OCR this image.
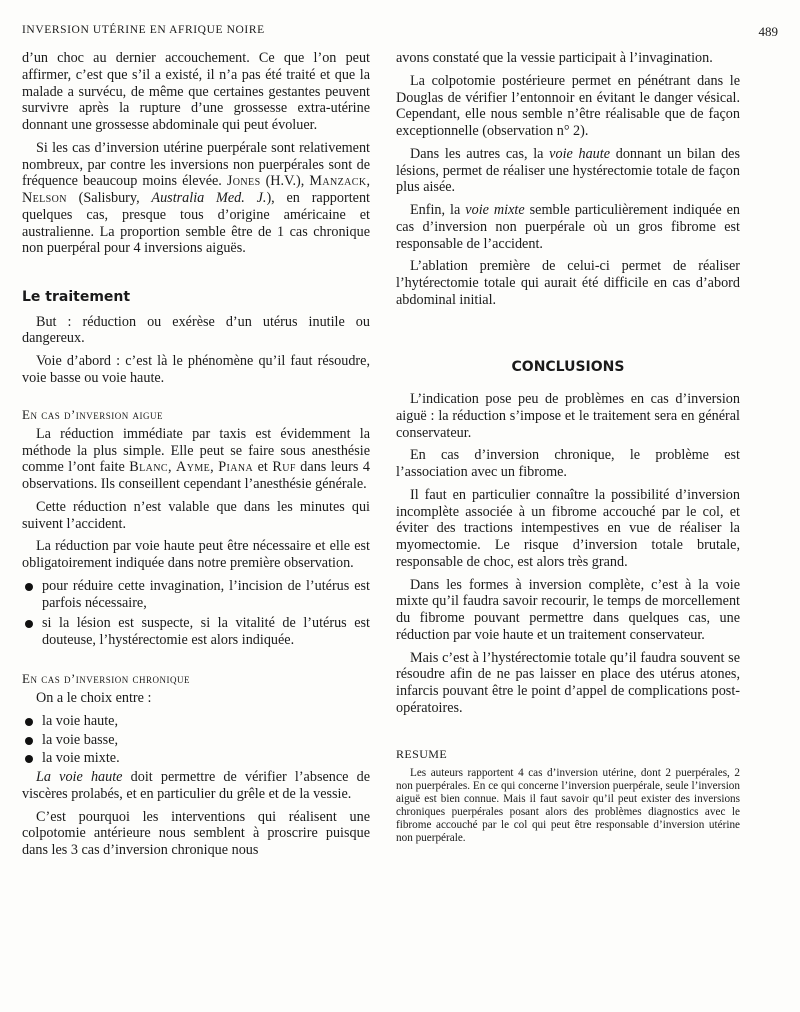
INVERSION UTÉRINE EN AFRIQUE NOIRE	489

d’un choc au dernier accouchement. Ce que l’on peut affirmer, c’est que s’il a existé, il n’a pas été traité et que la malade a survécu, de même que certaines gestantes peuvent survivre après la rupture d’une grossesse extra-utérine donnant une grossesse abdominale qui peut évoluer.

Si les cas d’inversion utérine puerpérale sont relativement nombreux, par contre les inversions non puerpérales sont de fréquence beaucoup moins élevée. Jones (H.V.), Manzack, Nelson (Salisbury, Australia Med. J.), en rapportent quelques cas, presque tous d’origine américaine et australienne. La proportion semble être de 1 cas chronique non puerpéral pour 4 inversions aiguës.

Le traitement

But : réduction ou exérèse d’un utérus inutile ou dangereux.

Voie d’abord : c’est là le phénomène qu’il faut résoudre, voie basse ou voie haute.

En cas d’inversion aigue

La réduction immédiate par taxis est évidemment la méthode la plus simple. Elle peut se faire sous anesthésie comme l’ont faite Blanc, Ayme, Piana et Ruf dans leurs 4 observations. Ils conseillent cependant l’anesthésie générale.

Cette réduction n’est valable que dans les minutes qui suivent l’accident.

La réduction par voie haute peut être nécessaire et elle est obligatoirement indiquée dans notre première observation.

pour réduire cette invagination, l’incision de l’utérus est parfois nécessaire,
si la lésion est suspecte, si la vitalité de l’utérus est douteuse, l’hystérectomie est alors indiquée.
En cas d’inversion chronique

On a le choix entre :

la voie haute,
la voie basse,
la voie mixte.

La voie haute doit permettre de vérifier l’absence de viscères prolabés, et en particulier du grêle et de la vessie.

C’est pourquoi les interventions qui réalisent une colpotomie antérieure nous semblent à proscrire puisque dans les 3 cas d’inversion chronique nous

avons constaté que la vessie participait à l’invagination.

La colpotomie postérieure permet en pénétrant dans le Douglas de vérifier l’entonnoir en évitant le danger vésical. Cependant, elle nous semble n’être réalisable que de façon exceptionnelle (observation n° 2).

Dans les autres cas, la voie haute donnant un bilan des lésions, permet de réaliser une hystérectomie totale de façon plus aisée.

Enfin, la voie mixte semble particulièrement indiquée en cas d’inversion non puerpérale où un gros fibrome est responsable de l’accident.

L’ablation première de celui-ci permet de réaliser l’hytérectomie totale qui aurait été difficile en cas d’abord abdominal initial.

CONCLUSIONS

L’indication pose peu de problèmes en cas d’inversion aiguë : la réduction s’impose et le traitement sera en général conservateur.

En cas d’inversion chronique, le problème est l’association avec un fibrome.

Il faut en particulier connaître la possibilité d’inversion incomplète associée à un fibrome accouché par le col, et éviter des tractions intempestives en vue de réaliser la myomectomie. Le risque d’inversion totale brutale, responsable de choc, est alors très grand.

Dans les formes à inversion complète, c’est à la voie mixte qu’il faudra savoir recourir, le temps de morcellement du fibrome pouvant permettre dans quelques cas, une réduction par voie haute et un traitement conservateur.

Mais c’est à l’hystérectomie totale qu’il faudra souvent se résoudre afin de ne pas laisser en place des utérus atones, infarcis pouvant être le point d’appel de complications post-opératoires.

RESUME

Les auteurs rapportent 4 cas d’inversion utérine, dont 2 puerpérales, 2 non puerpérales. En ce qui concerne l’inversion puerpérale, seule l’inversion aiguë est bien connue. Mais il faut savoir qu’il peut exister des inversions chroniques puerpérales posant alors des problèmes diagnostics avec le fibrome accouché par le col qui peut être responsable d’inversion utérine non puerpérale.
